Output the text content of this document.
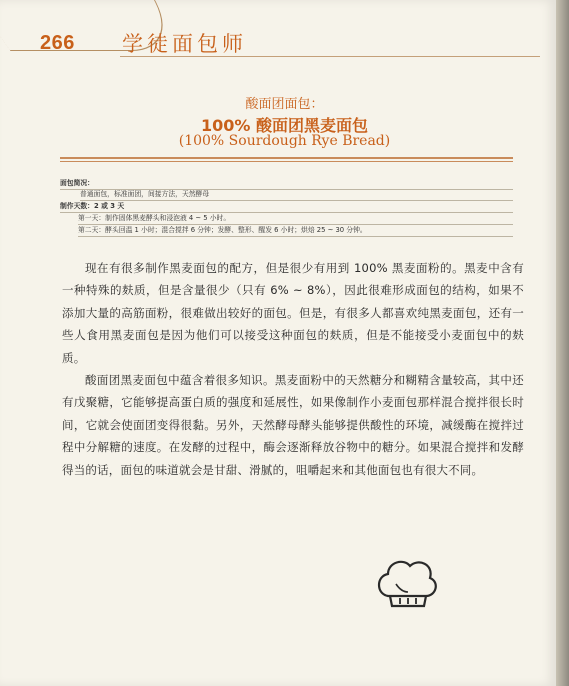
266 学徒面包师
酸面团面包：
100% 酸面团黑麦面包
(100% Sourdough Rye Bread)
面包简况：
普通面包，标准面团，间接方法，天然酵母
制作天数：2 或 3 天
第一天：制作固体黑麦酵头和浸泡液 4 ~ 5 小时。
第二天：酵头回温 1 小时；混合搅拌 6 分钟；发酵、整形、醒发 6 小时；烘焙 25 ~ 30 分钟。

现在有很多制作黑麦面包的配方，但是很少有用到 100% 黑麦面粉的。黑麦中含有一种特殊的麸质，但是含量很少（只有 6% ~ 8%），因此很难形成面包的结构，如果不添加大量的高筋面粉，很难做出较好的面包。但是，有很多人都喜欢纯黑麦面包，还有一些人食用黑麦面包是因为他们可以接受这种面包的麸质，但是不能接受小麦面包中的麸质。

酸面团黑麦面包中蕴含着很多知识。黑麦面粉中的天然糖分和糊精含量较高，其中还有戊聚糖，它能够提高蛋白质的强度和延展性，如果像制作小麦面包那样混合搅拌很长时间，它就会使面团变得很黏。另外，天然酵母酵头能够提供酸性的环境，减缓酶在搅拌过程中分解糖的速度。在发酵的过程中，酶会逐渐释放谷物中的糖分。如果混合搅拌和发酵得当的话，面包的味道就会是甘甜、滑腻的，咀嚼起来和其他面包也有很大不同。
